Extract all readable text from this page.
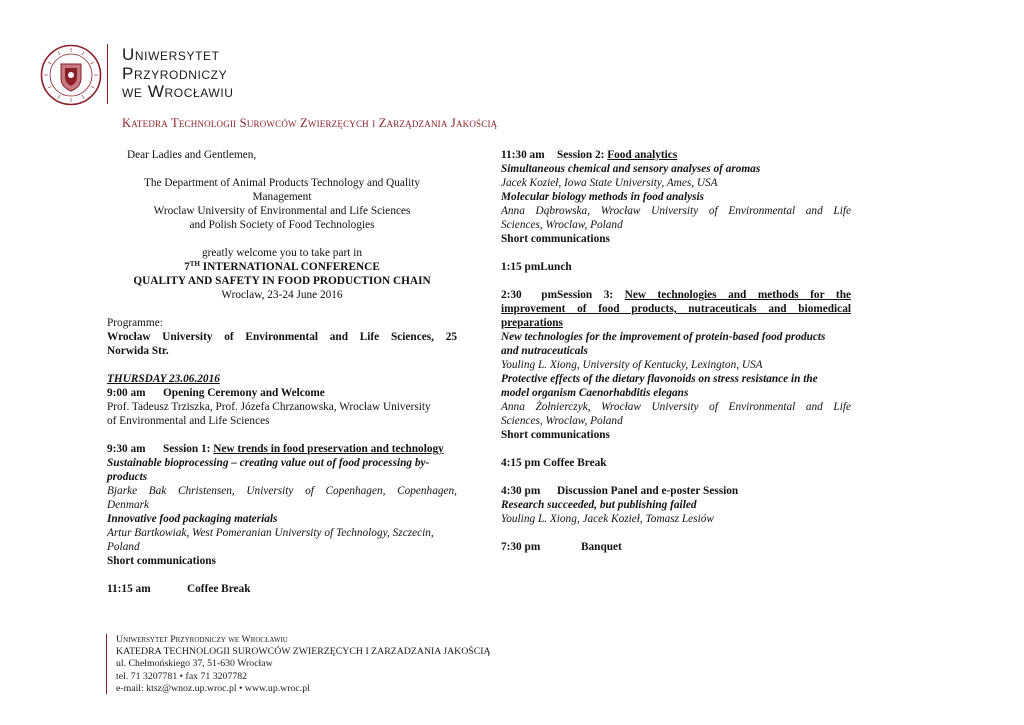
Uniwersytet
Przyrodniczy
we Wrocławiu
Katedra Technologii Surowców Zwierzęcych i Zarządzania Jakością
Dear Ladies and Gentlemen,
The Department of Animal Products Technology and Quality
Management
Wroclaw University of Environmental and Life Sciences
and Polish Society of Food Technologies
greatly welcome you to take part in
7TH INTERNATIONAL CONFERENCE
QUALITY AND SAFETY IN FOOD PRODUCTION CHAIN
Wroclaw, 23-24 June 2016
Programme:
Wrocław University of Environmental and Life Sciences, 25
Norwida Str.
THURSDAY 23.06.2016
9:00 am Opening Ceremony and Welcome
Prof. Tadeusz Trziszka, Prof. Józefa Chrzanowska, Wrocław University
of Environmental and Life Sciences
9:30 am Session 1: New trends in food preservation and technology
Sustainable bioprocessing – creating value out of food processing by-
products
Bjarke Bak Christensen, University of Copenhagen, Copenhagen,
Denmark
Innovative food packaging materials
Artur Bartkowiak, West Pomeranian University of Technology, Szczecin,
Poland
Short communications
11:15 am	Coffee Break
11:30 am Session 2: Food analytics
Simultaneous chemical and sensory analyses of aromas
Jacek Kozieł, Iowa State University, Ames, USA
Molecular biology methods in food analysis
Anna Dąbrowska, Wrocław University of Environmental and Life
Sciences, Wroclaw, Poland
Short communications
1:15 pmLunch
2:30 pmSession 3: New technologies and methods for the
improvement of food products, nutraceuticals and biomedical
preparations
New technologies for the improvement of protein-based food products
and nutraceuticals
Youling L. Xiong, University of Kentucky, Lexington, USA
Protective effects of the dietary flavonoids on stress resistance in the
model organism Caenorhabditis elegans
Anna Żołnierczyk, Wrocław University of Environmental and Life
Sciences, Wroclaw, Poland
Short communications
4:15 pm Coffee Break
4:30 pm Discussion Panel and e-poster Session
Research succeeded, but publishing failed
Youling L. Xiong, Jacek Kozieł, Tomasz Lesiów
7:30 pm	Banquet
Uniwersytet Przyrodniczy we Wrocławiu
KATEDRA TECHNOLOGII SUROWCÓW ZWIERZĘCYCH I ZARZADZANIA JAKOŚCIĄ
ul. Chełmońskiego 37, 51-630 Wrocław
tel. 71 3207781 • fax 71 3207782
e-mail: ktsz@wnoz.up.wroc.pl • www.up.wroc.pl
